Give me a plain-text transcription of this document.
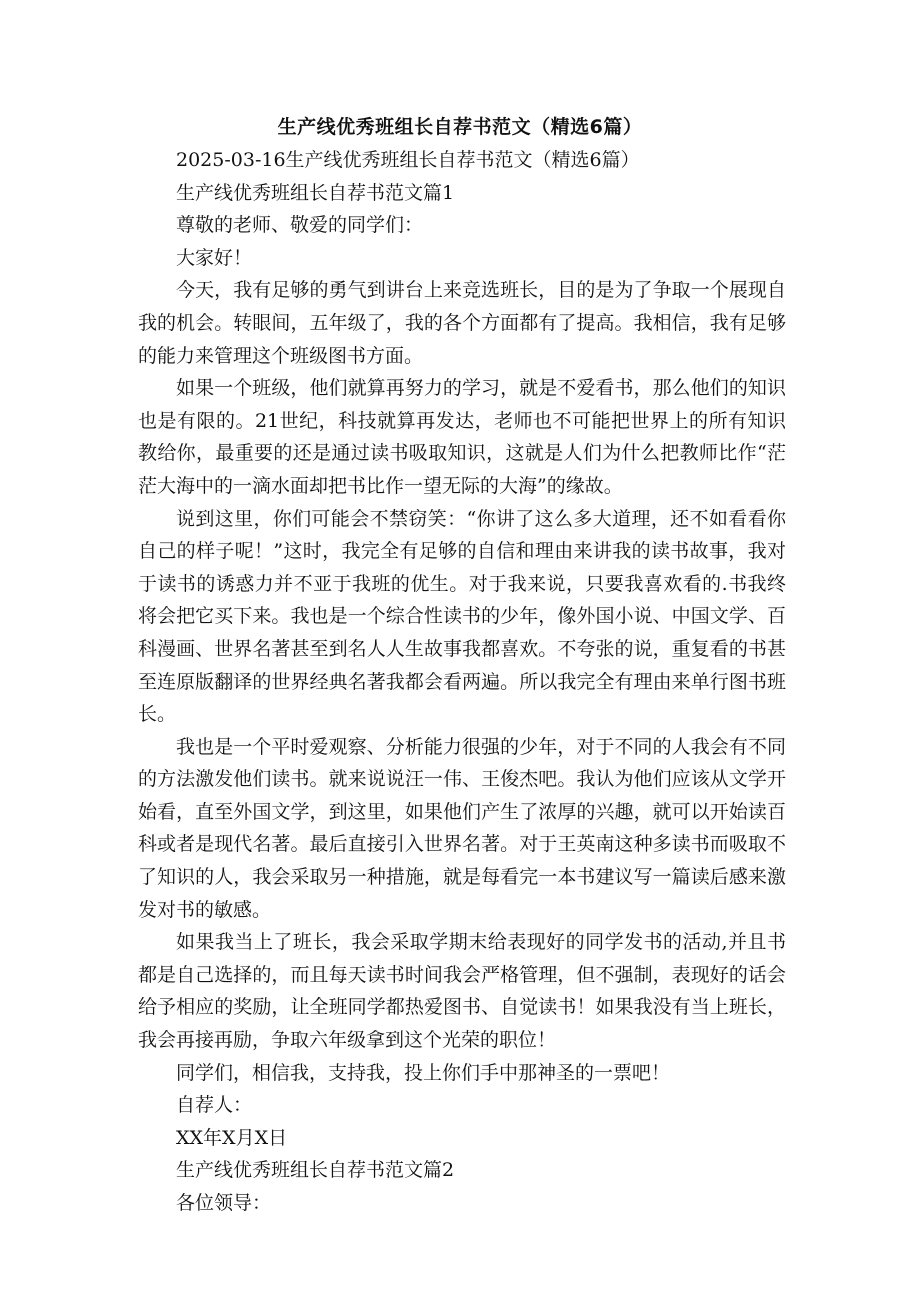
生产线优秀班组长自荐书范文（精选6篇）

2025-03-16生产线优秀班组长自荐书范文（精选6篇）

生产线优秀班组长自荐书范文篇1

尊敬的老师、敬爱的同学们：

大家好！

今天，我有足够的勇气到讲台上来竞选班长，目的是为了争取一个展现自我的机会。转眼间，五年级了，我的各个方面都有了提高。我相信，我有足够的能力来管理这个班级图书方面。

如果一个班级，他们就算再努力的学习，就是不爱看书，那么他们的知识也是有限的。21世纪，科技就算再发达，老师也不可能把世界上的所有知识教给你，最重要的还是通过读书吸取知识，这就是人们为什么把教师比作“茫茫大海中的一滴水面却把书比作一望无际的大海”的缘故。

说到这里，你们可能会不禁窃笑：“你讲了这么多大道理，还不如看看你自己的样子呢！”这时，我完全有足够的自信和理由来讲我的读书故事，我对于读书的诱惑力并不亚于我班的优生。对于我来说，只要我喜欢看的.书我终将会把它买下来。我也是一个综合性读书的少年，像外国小说、中国文学、百科漫画、世界名著甚至到名人人生故事我都喜欢。不夸张的说，重复看的书甚至连原版翻译的世界经典名著我都会看两遍。所以我完全有理由来单行图书班长。

我也是一个平时爱观察、分析能力很强的少年，对于不同的人我会有不同的方法激发他们读书。就来说说汪一伟、王俊杰吧。我认为他们应该从文学开始看，直至外国文学，到这里，如果他们产生了浓厚的兴趣，就可以开始读百科或者是现代名著。最后直接引入世界名著。对于王英南这种多读书而吸取不了知识的人，我会采取另一种措施，就是每看完一本书建议写一篇读后感来激发对书的敏感。

如果我当上了班长，我会采取学期末给表现好的同学发书的活动,并且书都是自己选择的，而且每天读书时间我会严格管理，但不强制，表现好的话会给予相应的奖励，让全班同学都热爱图书、自觉读书！如果我没有当上班长，我会再接再励，争取六年级拿到这个光荣的职位！

同学们，相信我，支持我，投上你们手中那神圣的一票吧！

自荐人：

XX年X月X日

生产线优秀班组长自荐书范文篇2

各位领导：
